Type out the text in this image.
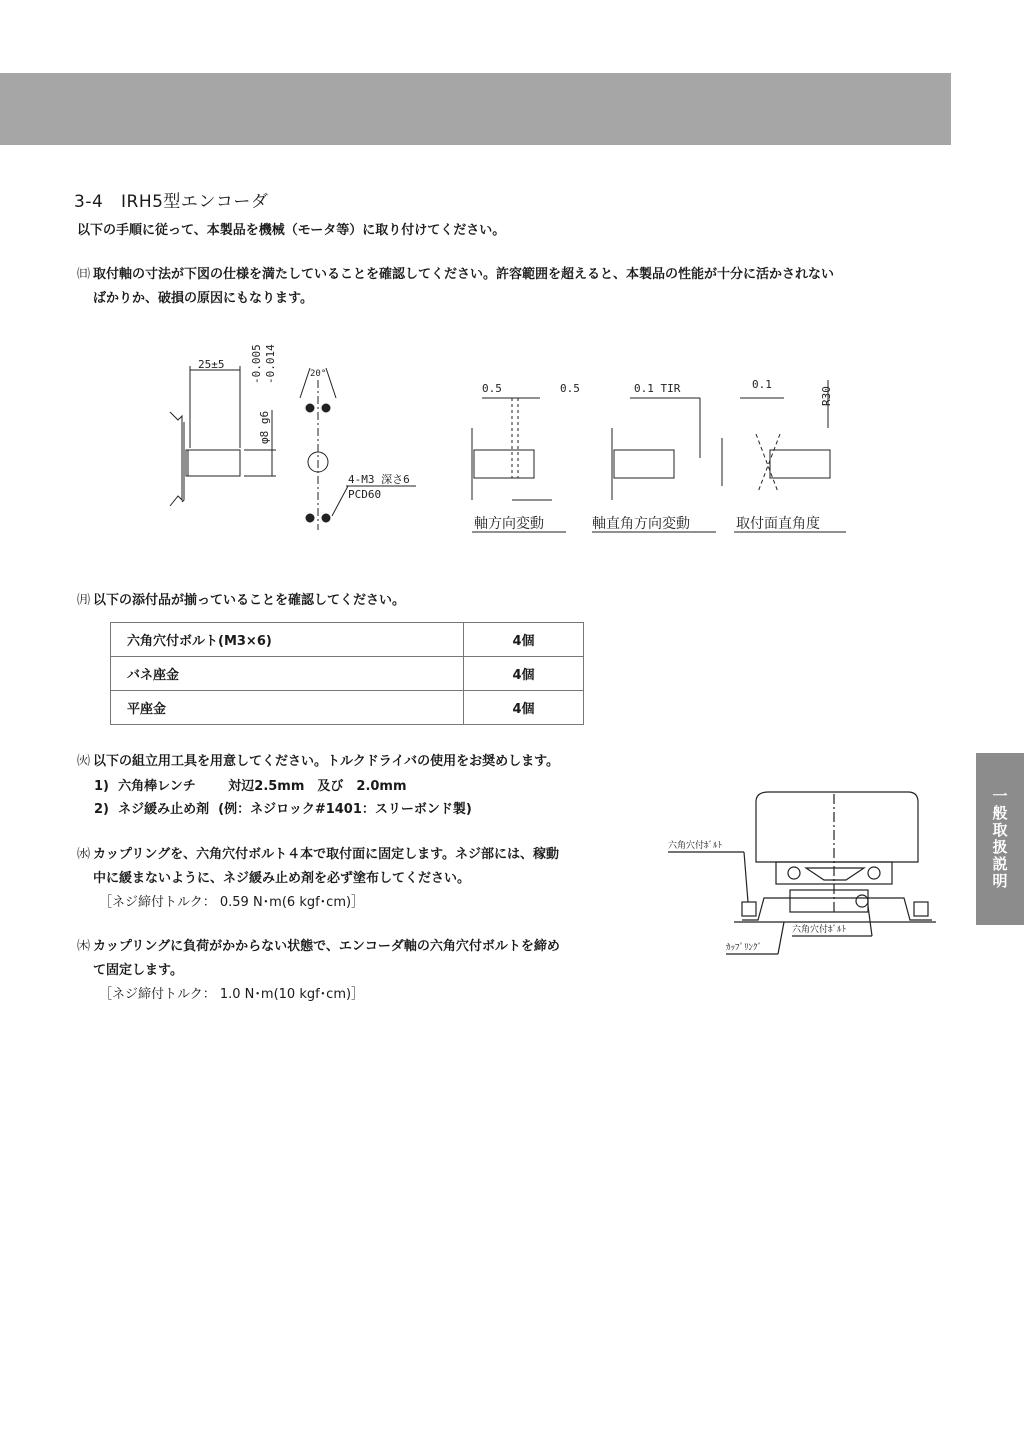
一般取扱説明
3-4 IRH5型エンコーダ
以下の手順に従って、本製品を機械（モータ等）に取り付けてください。
㈰ 取付軸の寸法が下図の仕様を満たしていることを確認してください。許容範囲を超えると、本製品の性能が十分に活かされない
ばかりか、破損の原因にもなります。
25±5
φ8 g6
-0.005 -0.014	20°
4-M3 深さ6
PCD60
0.5	0.5
軸方向変動
0.1 TIR
軸直角方向変動
0.1
R30
取付面直角度
㈪ 以下の添付品が揃っていることを確認してください。
六角穴付ボルト(M3×6)	4個
バネ座金	4個
平座金	4個
㈫ 以下の組立用工具を用意してください。トルクドライバの使用をお奨めします。
1) 六角棒レンチ	対辺2.5mm　及び　2.0mm
2) ネジ緩み止め剤 (例：ネジロック#1401：スリーボンド製)
㈬ カップリングを、六角穴付ボルト４本で取付面に固定します。ネジ部には、稼動
中に緩まないように、ネジ緩み止め剤を必ず塗布してください。
［ネジ締付トルク： 0.59 N･m(6 kgf･cm)］
㈭ カップリングに負荷がかからない状態で、エンコーダ軸の六角穴付ボルトを締め
て固定します。
［ネジ締付トルク： 1.0 N･m(10 kgf･cm)］
六角穴付ﾎﾞﾙﾄ
六角穴付ﾎﾞﾙﾄ
ｶｯﾌﾟﾘﾝｸﾞ
